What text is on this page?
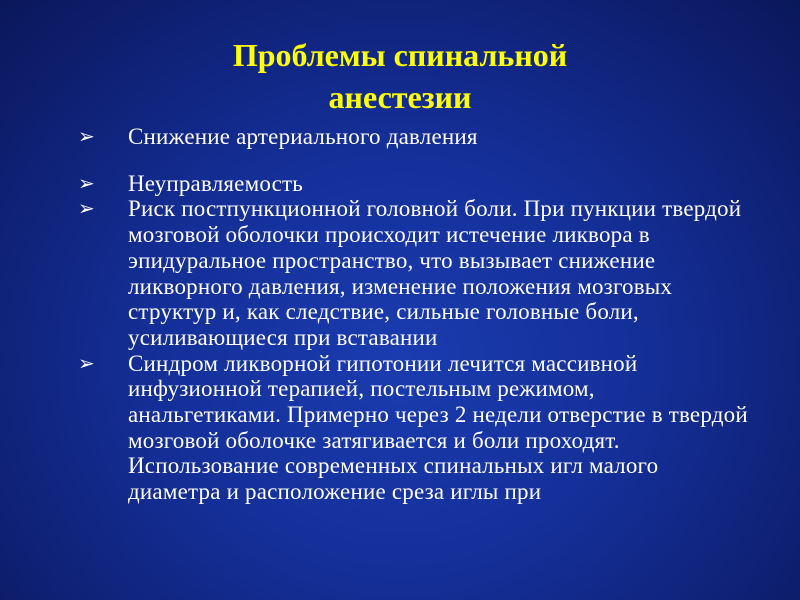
Проблемы спинальной
анестезии
➢ Снижение артериального давления
➢ Неуправляемость
➢ Риск постпункционной головной боли. При пункции твердой мозговой оболочки происходит истечение ликвора в эпидуральное пространство, что вызывает снижение ликворного давления, изменение положения мозговых структур и, как следствие, сильные головные боли, усиливающиеся при вставании
➢ Синдром ликворной гипотонии лечится массивной инфузионной терапией, постельным режимом, анальгетиками. Примерно через 2 недели отверстие в твердой мозговой оболочке затягивается и боли проходят. Использование современных спинальных игл малого диаметра и расположение среза иглы при
